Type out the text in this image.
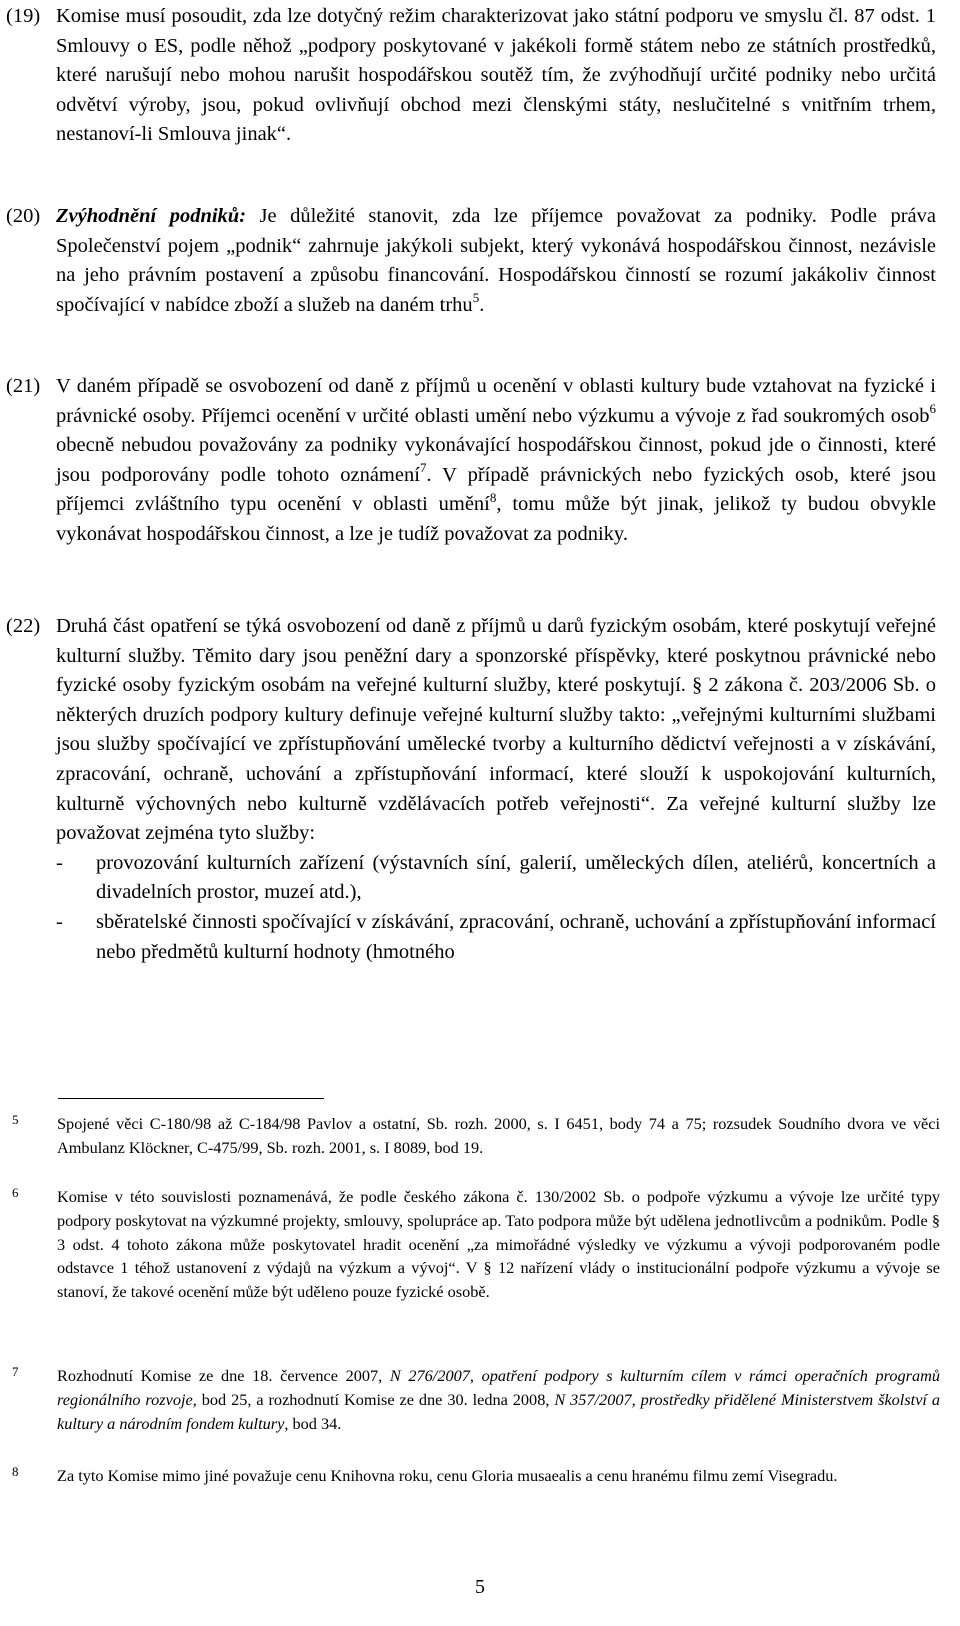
(19) Komise musí posoudit, zda lze dotyčný režim charakterizovat jako státní podporu ve smyslu čl. 87 odst. 1 Smlouvy o ES, podle něhož „podpory poskytované v jakékoli formě státem nebo ze státních prostředků, které narušují nebo mohou narušit hospodářskou soutěž tím, že zvýhodňují určité podniky nebo určitá odvětví výroby, jsou, pokud ovlivňují obchod mezi členskými státy, neslučitelné s vnitřním trhem, nestanoví-li Smlouva jinak“.

(20) Zvýhodnění podniků: Je důležité stanovit, zda lze příjemce považovat za podniky. Podle práva Společenství pojem „podnik“ zahrnuje jakýkoli subjekt, který vykonává hospodářskou činnost, nezávisle na jeho právním postavení a způsobu financování. Hospodářskou činností se rozumí jakákoliv činnost spočívající v nabídce zboží a služeb na daném trhu$^5$.

(21) V daném případě se osvobození od daně z příjmů u ocenění v oblasti kultury bude vztahovat na fyzické i právnické osoby. Příjemci ocenění v určité oblasti umění nebo výzkumu a vývoje z řad soukromých osob$^6$ obecně nebudou považovány za podniky vykonávající hospodářskou činnost, pokud jde o činnosti, které jsou podporovány podle tohoto oznámení$^7$. V případě právnických nebo fyzických osob, které jsou příjemci zvláštního typu ocenění v oblasti umění$^8$, tomu může být jinak, jelikož ty budou obvykle vykonávat hospodářskou činnost, a lze je tudíž považovat za podniky.

(22) Druhá část opatření se týká osvobození od daně z příjmů u darů fyzickým osobám, které poskytují veřejné kulturní služby. Těmito dary jsou peněžní dary a sponzorské příspěvky, které poskytnou právnické nebo fyzické osoby fyzickým osobám na veřejné kulturní služby, které poskytují. § 2 zákona č. 203/2006 Sb. o některých druzích podpory kultury definuje veřejné kulturní služby takto: „veřejnými kulturními službami jsou služby spočívající ve zpřístupňování umělecké tvorby a kulturního dědictví veřejnosti a v získávání, zpracování, ochraně, uchování a zpřístupňování informací, které slouží k uspokojování kulturních, kulturně výchovných nebo kulturně vzdělávacích potřeb veřejnosti“. Za veřejné kulturní služby lze považovat zejména tyto služby:

- provozování kulturních zařízení (výstavních síní, galerií, uměleckých dílen, ateliérů, koncertních a divadelních prostor, muzeí atd.),

- sběratelské činnosti spočívající v získávání, zpracování, ochraně, uchování a zpřístupňování informací nebo předmětů kulturní hodnoty (hmotného

5 Spojené věci C-180/98 až C-184/98 Pavlov a ostatní, Sb. rozh. 2000, s. I 6451, body 74 a 75; rozsudek Soudního dvora ve věci Ambulanz Klöckner, C-475/99, Sb. rozh. 2001, s. I 8089, bod 19.

6 Komise v této souvislosti poznamenává, že podle českého zákona č. 130/2002 Sb. o podpoře výzkumu a vývoje lze určité typy podpory poskytovat na výzkumné projekty, smlouvy, spolupráce ap. Tato podpora může být udělena jednotlivcům a podnikům. Podle § 3 odst. 4 tohoto zákona může poskytovatel hradit ocenění „za mimořádné výsledky ve výzkumu a vývoji podporovaném podle odstavce 1 téhož ustanovení z výdajů na výzkum a vývoj“. V § 12 nařízení vlády o institucionální podpoře výzkumu a vývoje se stanoví, že takové ocenění může být uděleno pouze fyzické osobě.

7 Rozhodnutí Komise ze dne 18. července 2007, N 276/2007, opatření podpory s kulturním cílem v rámci operačních programů regionálního rozvoje, bod 25, a rozhodnutí Komise ze dne 30. ledna 2008, N 357/2007, prostředky přidělené Ministerstvem školství a kultury a národním fondem kultury, bod 34.

8 Za tyto Komise mimo jiné považuje cenu Knihovna roku, cenu Gloria musaealis a cenu hranému filmu zemí Visegradu.

5
